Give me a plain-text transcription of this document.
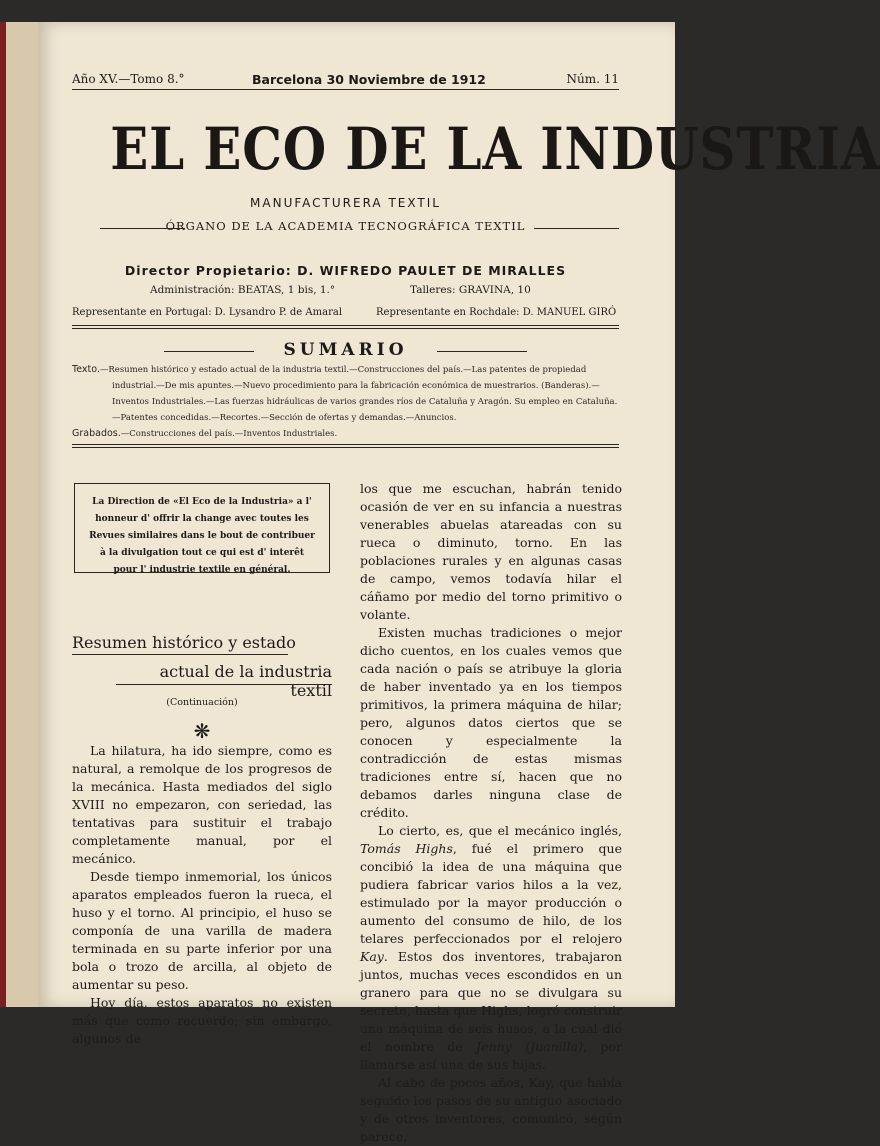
Año XV.—Tomo 8.°	Barcelona 30 Noviembre de 1912	Núm. 11
EL ECO DE LA INDUSTRIA
MANUFACTURERA TEXTIL
ÓRGANO DE LA ACADEMIA TECNOGRÁFICA TEXTIL
Director Propietario: D. WIFREDO PAULET DE MIRALLES
Administración: BEATAS, 1 bis, 1.°	Talleres: GRAVINA, 10
Representante en Portugal: D. Lysandro P. de Amaral	Representante en Rochdale: D. MANUEL GIRÓ
SUMARIO
Texto.—Resumen histórico y estado actual de la industria textil.—Construcciones del país.—Las patentes de propiedad industrial.—De mis apuntes.—Nuevo procedimiento para la fabricación económica de muestrarios. (Banderas).—Inventos Industriales.—Las fuerzas hidráulicas de varios grandes ríos de Cataluña y Aragón. Su empleo en Cataluña.—Patentes concedidas.—Recortes.—Sección de ofertas y demandas.—Anuncios.
Grabados.—Construcciones del país.—Inventos Industriales.
La Direction de «El Eco de la Industria» a l' honneur d' offrir la change avec toutes les Revues similaires dans le bout de contribuer à la divulgation tout ce qui est d' interêt pour l' industrie textile en général.
Resumen histórico y estado
actual de la industria textil
(Continuación)
❋

La hilatura, ha ido siempre, como es natural, a remolque de los progresos de la mecánica. Hasta mediados del siglo XVIII no empezaron, con seriedad, las tentativas para sustituir el trabajo completamente manual, por el mecánico.

Desde tiempo inmemorial, los únicos aparatos empleados fueron la rueca, el huso y el torno. Al principio, el huso se componía de una varilla de madera terminada en su parte inferior por una bola o trozo de arcilla, al objeto de aumentar su peso.

Hoy día, estos aparatos no existen más que como recuerdo; sin embargo, algunos de

los que me escuchan, habrán tenido ocasión de ver en su infancia a nuestras venerables abuelas atareadas con su rueca o diminuto, torno. En las poblaciones rurales y en algunas casas de campo, vemos todavía hilar el cáñamo por medio del torno primitivo o volante.

Existen muchas tradiciones o mejor dicho cuentos, en los cuales vemos que cada nación o país se atribuye la gloria de haber inventado ya en los tiempos primitivos, la primera máquina de hilar; pero, algunos datos ciertos que se conocen y especialmente la contradicción de estas mismas tradiciones entre sí, hacen que no debamos darles ninguna clase de crédito.

Lo cierto, es, que el mecánico inglés, Tomás Highs, fué el primero que concibió la idea de una máquina que pudiera fabricar varios hilos a la vez, estimulado por la mayor producción o aumento del consumo de hilo, de los telares perfeccionados por el relojero Kay. Estos dos inventores, trabajaron juntos, muchas veces escondidos en un granero para que no se divulgara su secreto, hasta que Highs, logró construir una máquina de seis husos, a la cual dió el nombre de Jenny (Juanilla), por llamarse así una de sus hijas.

Al cabo de pocos años, Kay, que había seguido los pasos de su antiguo asociado y de otros inventores, comunicó, según parece,
